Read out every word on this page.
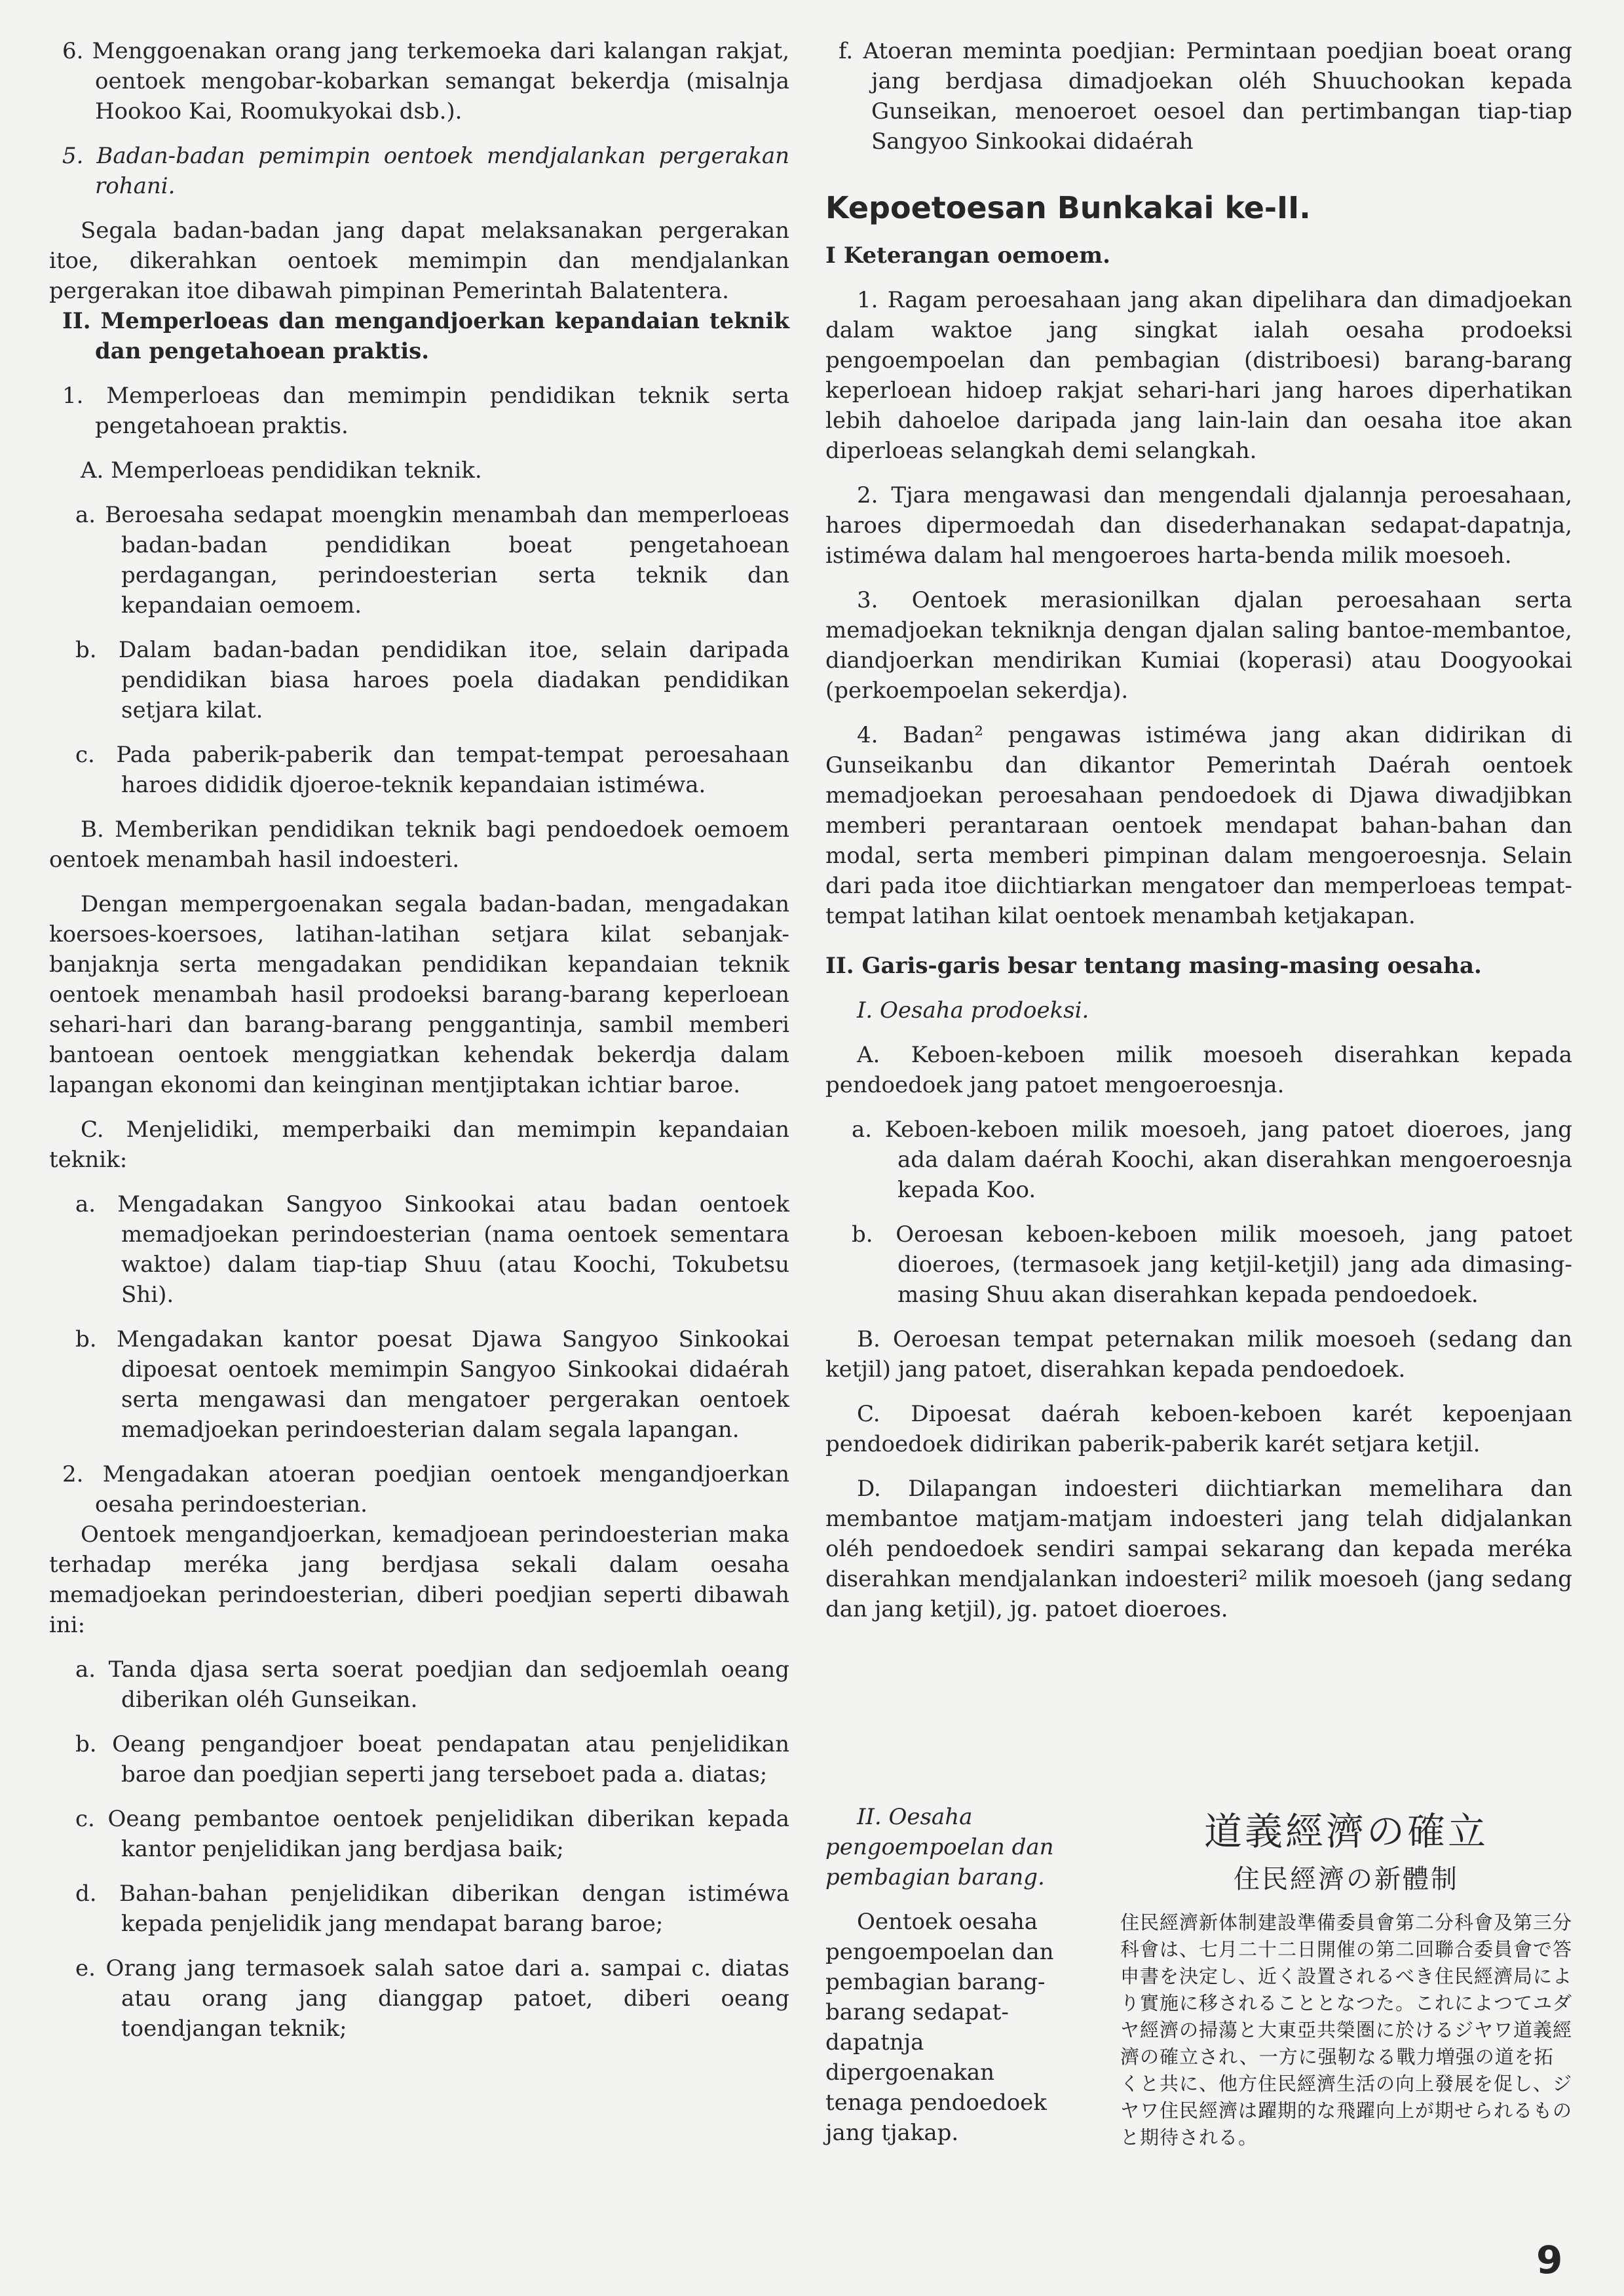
6. Menggoenakan orang jang terkemoeka dari kalangan rakjat, oentoek mengobar-kobarkan semangat bekerdja (misalnja Hookoo Kai, Roomukyokai dsb.).

5. Badan-badan pemimpin oentoek mendjalankan pergerakan rohani.

Segala badan-badan jang dapat melaksanakan pergerakan itoe, dikerahkan oentoek memimpin dan mendjalankan pergerakan itoe dibawah pimpinan Pemerintah Balatentera.

II. Memperloeas dan mengandjoerkan kepandaian teknik dan pengetahoean praktis.

1. Memperloeas dan memimpin pendidikan teknik serta pengetahoean praktis.

A. Memperloeas pendidikan teknik.

a. Beroesaha sedapat moengkin menambah dan memperloeas badan-badan pendidikan boeat pengetahoean perdagangan, perindoesterian serta teknik dan kepandaian oemoem.

b. Dalam badan-badan pendidikan itoe, selain daripada pendidikan biasa haroes poela diadakan pendidikan setjara kilat.

c. Pada paberik-paberik dan tempat-tempat peroesahaan haroes dididik djoeroe-teknik kepandaian istiméwa.

B. Memberikan pendidikan teknik bagi pendoedoek oemoem oentoek menambah hasil indoesteri.

Dengan mempergoenakan segala badan-badan, mengadakan koersoes-koersoes, latihan-latihan setjara kilat sebanjak-banjaknja serta mengadakan pendidikan kepandaian teknik oentoek menambah hasil prodoeksi barang-barang keperloean sehari-hari dan barang-barang penggantinja, sambil memberi bantoean oentoek menggiatkan kehendak bekerdja dalam lapangan ekonomi dan keinginan mentjiptakan ichtiar baroe.

C. Menjelidiki, memperbaiki dan memimpin kepandaian teknik:

a. Mengadakan Sangyoo Sinkookai atau badan oentoek memadjoekan perindoesterian (nama oentoek sementara waktoe) dalam tiap-tiap Shuu (atau Koochi, Tokubetsu Shi).

b. Mengadakan kantor poesat Djawa Sangyoo Sinkookai dipoesat oentoek memimpin Sangyoo Sinkookai didaérah serta mengawasi dan mengatoer pergerakan oentoek memadjoekan perindoesterian dalam segala lapangan.

2. Mengadakan atoeran poedjian oentoek mengandjoerkan oesaha perindoesterian.

Oentoek mengandjoerkan, kemadjoean perindoesterian maka terhadap meréka jang berdjasa sekali dalam oesaha memadjoekan perindoesterian, diberi poedjian seperti dibawah ini:

a. Tanda djasa serta soerat poedjian dan sedjoemlah oeang diberikan oléh Gunseikan.

b. Oeang pengandjoer boeat pendapatan atau penjelidikan baroe dan poedjian seperti jang terseboet pada a. diatas;

c. Oeang pembantoe oentoek penjelidikan diberikan kepada kantor penjelidikan jang berdjasa baik;

d. Bahan-bahan penjelidikan diberikan dengan istiméwa kepada penjelidik jang mendapat barang baroe;

e. Orang jang termasoek salah satoe dari a. sampai c. diatas atau orang jang dianggap patoet, diberi oeang toendjangan teknik;

f. Atoeran meminta poedjian: Permintaan poedjian boeat orang jang berdjasa dimadjoekan oléh Shuuchookan kepada Gunseikan, menoeroet oesoel dan pertimbangan tiap-tiap Sangyoo Sinkookai didaérah

Kepoetoesan Bunkakai ke-II.

I Keterangan oemoem.

1. Ragam peroesahaan jang akan dipelihara dan dimadjoekan dalam waktoe jang singkat ialah oesaha prodoeksi pengoempoelan dan pembagian (distriboesi) barang-barang keperloean hidoep rakjat sehari-hari jang haroes diperhatikan lebih dahoeloe daripada jang lain-lain dan oesaha itoe akan diperloeas selangkah demi selangkah.

2. Tjara mengawasi dan mengendali djalannja peroesahaan, haroes dipermoedah dan disederhanakan sedapat-dapatnja, istiméwa dalam hal mengoeroes harta-benda milik moesoeh.

3. Oentoek merasionilkan djalan peroesahaan serta memadjoekan tekniknja dengan djalan saling bantoe-membantoe, diandjoerkan mendirikan Kumiai (koperasi) atau Doogyookai (perkoempoelan sekerdja).

4. Badan² pengawas istiméwa jang akan didirikan di Gunseikanbu dan dikantor Pemerintah Daérah oentoek memadjoekan peroesahaan pendoedoek di Djawa diwadjibkan memberi perantaraan oentoek mendapat bahan-bahan dan modal, serta memberi pimpinan dalam mengoeroesnja. Selain dari pada itoe diichtiarkan mengatoer dan memperloeas tempat-tempat latihan kilat oentoek menambah ketjakapan.

II. Garis-garis besar tentang masing-masing oesaha.

I. Oesaha prodoeksi.

A. Keboen-keboen milik moesoeh diserahkan kepada pendoedoek jang patoet mengoeroesnja.

a. Keboen-keboen milik moesoeh, jang patoet dioeroes, jang ada dalam daérah Koochi, akan diserahkan mengoeroesnja kepada Koo.

b. Oeroesan keboen-keboen milik moesoeh, jang patoet dioeroes, (termasoek jang ketjil-ketjil) jang ada dimasing-masing Shuu akan diserahkan kepada pendoedoek.

B. Oeroesan tempat peternakan milik moesoeh (sedang dan ketjil) jang patoet, diserahkan kepada pendoedoek.

C. Dipoesat daérah keboen-keboen karét kepoenjaan pendoedoek didirikan paberik-paberik karét setjara ketjil.

D. Dilapangan indoesteri diichtiarkan memelihara dan membantoe matjam-matjam indoesteri jang telah didjalankan oléh pendoedoek sendiri sampai sekarang dan kepada meréka diserahkan mendjalankan indoesteri² milik moesoeh (jang sedang dan jang ketjil), jg. patoet dioeroes.

II. Oesaha pengoempoelan dan pembagian barang.

Oentoek oesaha pengoempoelan dan pembagian barang-barang sedapat-dapatnja dipergoenakan tenaga pendoedoek jang tjakap.

道義經濟の確立
住民經濟の新體制
住民經濟新体制建設準備委員會第二分科會及第三分科會は、七月二十二日開催の第二回聯合委員會で答申書を決定し、近く設置されるべき住民經濟局により實施に移されることとなつた。これによつてユダヤ經濟の掃蕩と大東亞共榮圏に於けるジヤワ道義經濟の確立され、一方に强靭なる戰力増强の道を拓くと共に、他方住民經濟生活の向上發展を促し、ジヤワ住民經濟は躍期的な飛躍向上が期せられるものと期待される。
9
